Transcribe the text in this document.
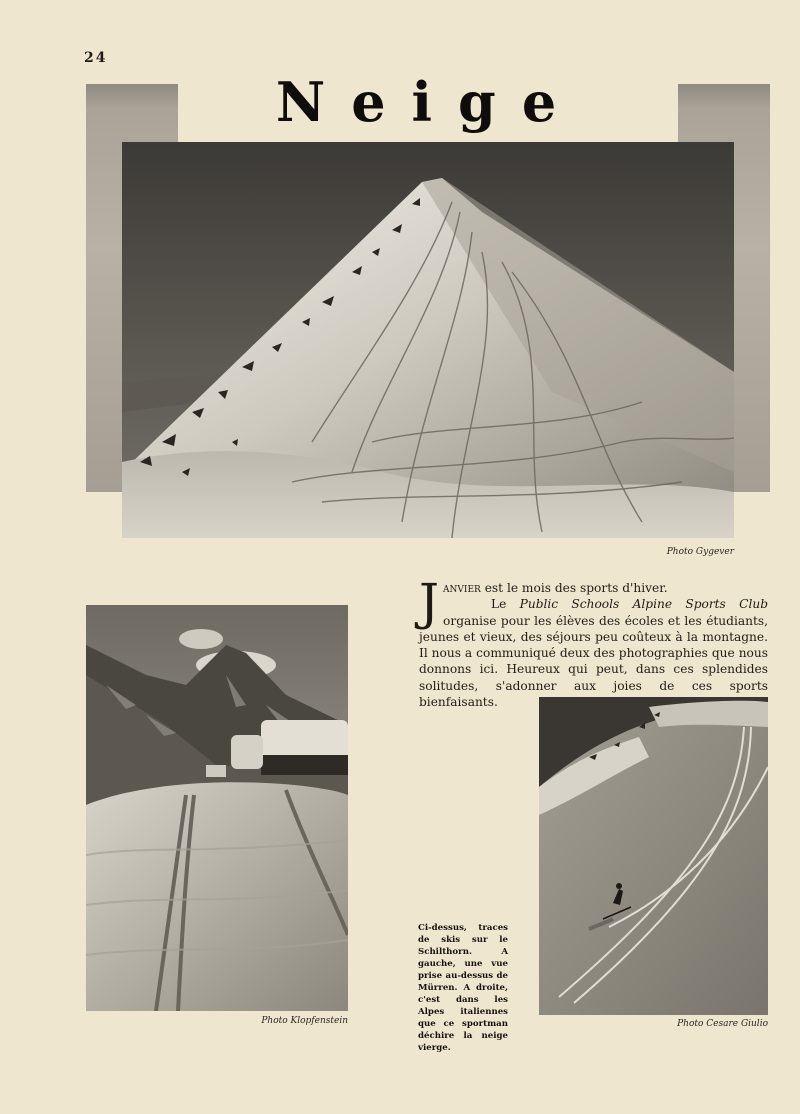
24
Neige
Photo Gygever
Photo Klopfenstein
J anvier est le mois des sports d'hiver.

Le Public Schools Alpine Sports Club organise pour les élèves des écoles et les étudiants, jeunes et vieux, des séjours peu coûteux à la montagne. Il nous a communiqué deux des photographies que nous donnons ici. Heureux qui peut, dans ces splendides solitudes, s'adonner aux joies de ces sports bienfaisants.

Ci-dessus, traces de skis sur le Schilthorn. A gauche, une vue prise au-dessus de Mürren. A droite, c'est dans les Alpes italiennes que ce sportman déchire la neige vierge.
Photo Cesare Giulio
